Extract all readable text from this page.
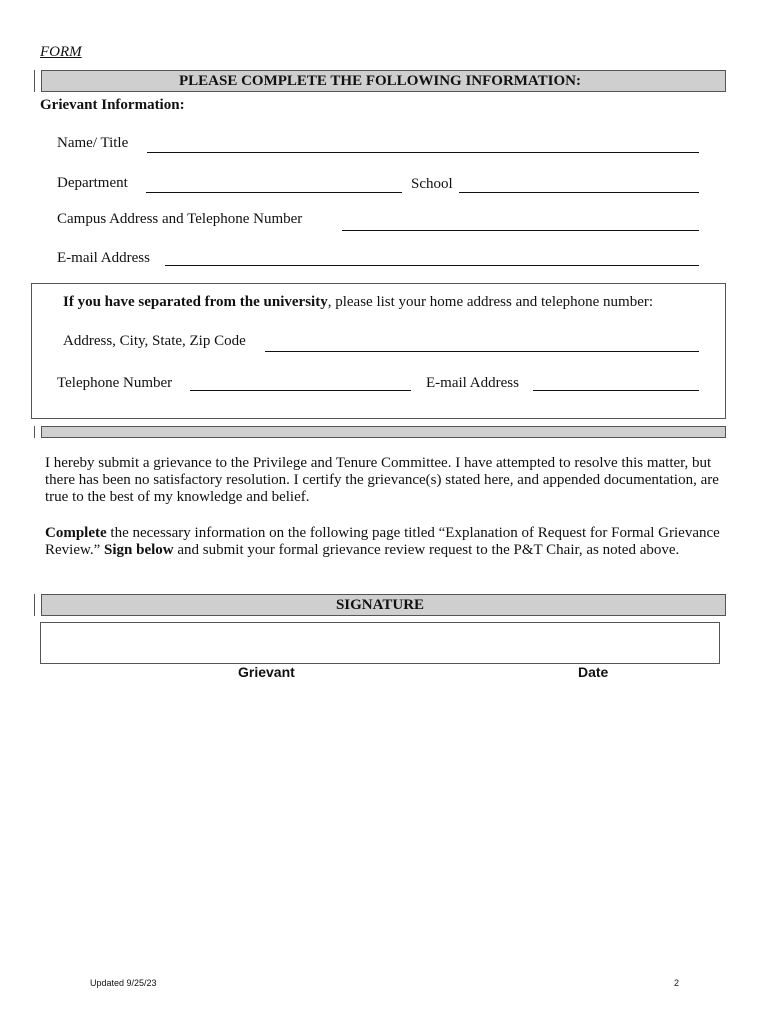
FORM
PLEASE COMPLETE THE FOLLOWING INFORMATION:
Grievant Information:
Name/ Title
Department	School
Campus Address and Telephone Number
E-mail Address
If you have separated from the university, please list your home address and telephone number:
Address, City, State, Zip Code
Telephone Number	E-mail Address
I hereby submit a grievance to the Privilege and Tenure Committee. I have attempted to resolve this matter, but there has been no satisfactory resolution. I certify the grievance(s) stated here, and appended documentation, are true to the best of my knowledge and belief.
Complete the necessary information on the following page titled “Explanation of Request for Formal Grievance Review.” Sign below and submit your formal grievance review request to the P&T Chair, as noted above.
SIGNATURE
Grievant	Date
Updated 9/25/23	2
